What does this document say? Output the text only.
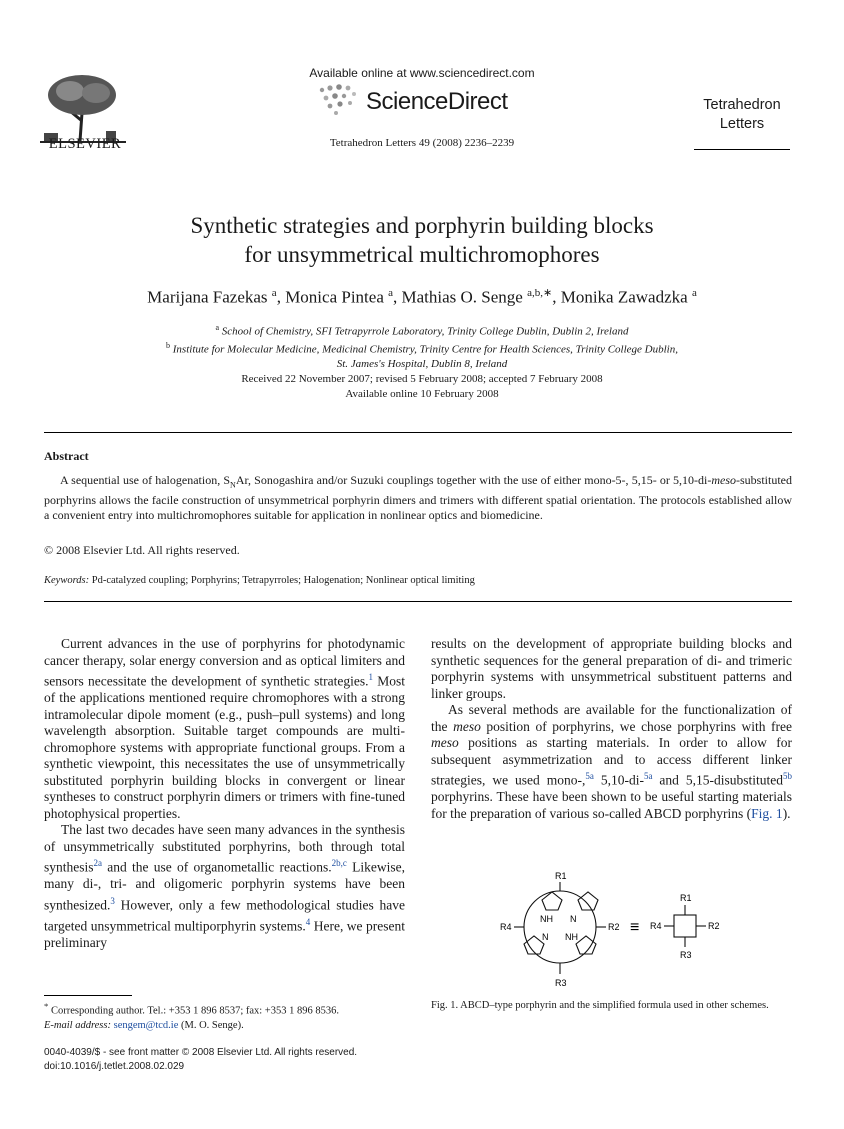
ELSEVIER
Available online at www.sciencedirect.com
ScienceDirect
Tetrahedron Letters 49 (2008) 2236–2239
Tetrahedron
Letters
Synthetic strategies and porphyrin building blocks
for unsymmetrical multichromophores
Marijana Fazekas $^a$, Monica Pintea $^a$, Mathias O. Senge $^{a,b,∗}$, Monika Zawadzka $^a$
$^a$ School of Chemistry, SFI Tetrapyrrole Laboratory, Trinity College Dublin, Dublin 2, Ireland
$^b$ Institute for Molecular Medicine, Medicinal Chemistry, Trinity Centre for Health Sciences, Trinity College Dublin,
St. James's Hospital, Dublin 8, Ireland
Received 22 November 2007; revised 5 February 2008; accepted 7 February 2008
Available online 10 February 2008
Abstract

A sequential use of halogenation, $S_NAr$, Sonogashira and/or Suzuki couplings together with the use of either mono-5-, 5,15- or 5,10-di-meso-substituted porphyrins allows the facile construction of unsymmetrical porphyrin dimers and trimers with different spatial orientation. The protocols established allow a convenient entry into multichromophores suitable for application in nonlinear optics and biomedicine.

© 2008 Elsevier Ltd. All rights reserved.
Keywords: Pd-catalyzed coupling; Porphyrins; Tetrapyrroles; Halogenation; Nonlinear optical limiting

Current advances in the use of porphyrins for photodynamic cancer therapy, solar energy conversion and as optical limiters and sensors necessitate the development of synthetic strategies.$^1$ Most of the applications mentioned require chromophores with a strong intramolecular dipole moment (e.g., push–pull systems) and long wavelength absorption. Suitable target compounds are multi-chromophore systems with appropriate functional groups. From a synthetic viewpoint, this necessitates the use of unsymmetrically substituted porphyrin building blocks in convergent or linear syntheses to construct porphyrin dimers or trimers with fine-tuned photophysical properties.

The last two decades have seen many advances in the synthesis of unsymmetrically substituted porphyrins, both through total synthesis$^{2a}$ and the use of organometallic reactions.$^{2b,c}$ Likewise, many di-, tri- and oligomeric porphyrin systems have been synthesized.$^3$ However, only a few methodological studies have targeted unsymmetrical multiporphyrin systems.$^4$ Here, we present preliminary

results on the development of appropriate building blocks and synthetic sequences for the general preparation of di- and trimeric porphyrin systems with unsymmetrical substituent patterns and linker groups.

As several methods are available for the functionalization of the meso position of porphyrins, we chose porphyrins with free meso positions as starting materials. In order to allow for subsequent asymmetrization and to access different linker strategies, we used mono-,$^{5a}$ 5,10-di-$^{5a}$ and 5,15-disubstituted$^{5b}$ porphyrins. These have been shown to be useful starting materials for the preparation of various so-called ABCD porphyrins (Fig. 1).

R1
R2
R3
R4
NH N
N NH
≡
R1
R2
R3
R4
Fig. 1. ABCD–type porphyrin and the simplified formula used in other schemes.
* Corresponding author. Tel.: +353 1 896 8537; fax: +353 1 896 8536.
E-mail address: sengem@tcd.ie (M. O. Senge).
0040-4039/$ - see front matter © 2008 Elsevier Ltd. All rights reserved.
doi:10.1016/j.tetlet.2008.02.029
